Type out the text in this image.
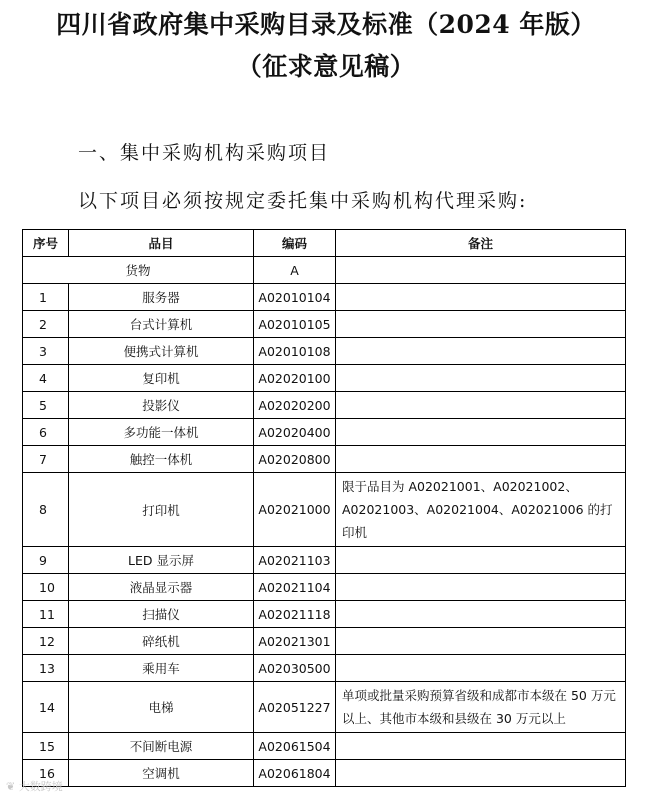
四川省政府集中采购目录及标准（2024 年版）
（征求意见稿）
一、集中采购机构采购项目
以下项目必须按规定委托集中采购机构代理采购:
序号	品目	编码	备注
货物		A	
1	服务器	A02010104	
2	台式计算机	A02010105	
3	便携式计算机	A02010108	
4	复印机	A02020100	
5	投影仪	A02020200	
6	多功能一体机	A02020400	
7	触控一体机	A02020800	
8	打印机	A02021000	限于品目为 A02021001、A02021002、A02021003、A02021004、A02021006 的打印机
9	LED 显示屏	A02021103	
10	液晶显示器	A02021104	
11	扫描仪	A02021118	
12	碎纸机	A02021301	
13	乘用车	A02030500	
14	电梯	A02051227	单项或批量采购预算省级和成都市本级在 50 万元以上、其他市本级和县级在 30 万元以上
15	不间断电源	A02061504	
16	空调机	A02061804	
❦ 大数跨境
